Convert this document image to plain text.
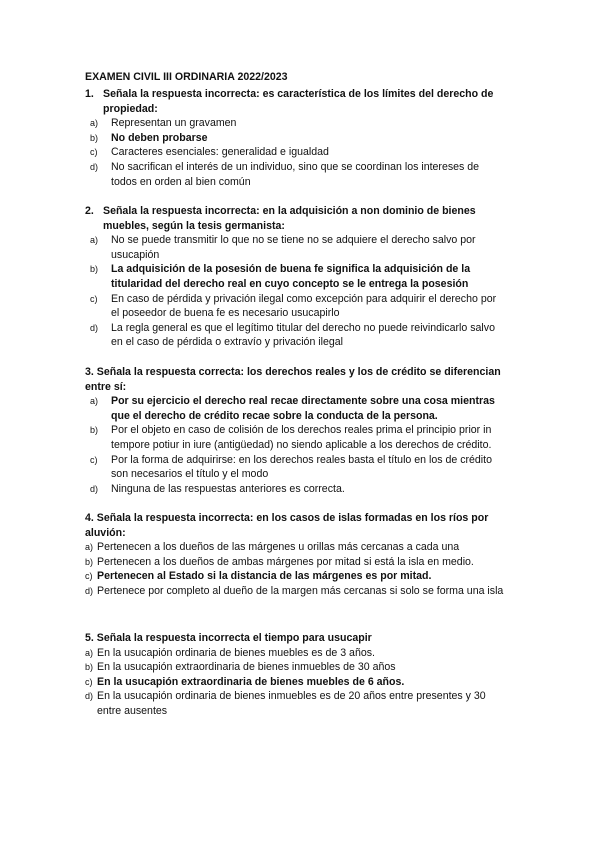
EXAMEN CIVIL III ORDINARIA 2022/2023
1. Señala la respuesta incorrecta: es característica de los límites del derecho de propiedad:
a)	Representan un gravamen
b)	No deben probarse
c)	Caracteres esenciales: generalidad e igualdad
d)	No sacrifican el interés de un individuo, sino que se coordinan los intereses de todos en orden al bien común
2. Señala la respuesta incorrecta: en la adquisición a non dominio de bienes muebles, según la tesis germanista:
a)	No se puede transmitir lo que no se tiene no se adquiere el derecho salvo por usucapión
b)	La adquisición de la posesión de buena fe significa la adquisición de la titularidad del derecho real en cuyo concepto se le entrega la posesión
c)	En caso de pérdida y privación ilegal como excepción para adquirir el derecho por el poseedor de buena fe es necesario usucapirlo
d)	La regla general es que el legítimo titular del derecho no puede reivindicarlo salvo en el caso de pérdida o extravío y privación ilegal
3. Señala la respuesta correcta: los derechos reales y los de crédito se diferencian entre sí:
a)	Por su ejercicio el derecho real recae directamente sobre una cosa mientras que el derecho de crédito recae sobre la conducta de la persona.
b)	Por el objeto en caso de colisión de los derechos reales prima el principio prior in tempore potiur in iure (antigüedad) no siendo aplicable a los derechos de crédito.
c)	Por la forma de adquirirse: en los derechos reales basta el título en los de crédito son necesarios el título y el modo
d)	Ninguna de las respuestas anteriores es correcta.
4. Señala la respuesta incorrecta: en los casos de islas formadas en los ríos por aluvión:
a) Pertenecen a los dueños de las márgenes u orillas más cercanas a cada una
b) Pertenecen a los dueños de ambas márgenes por mitad si está la isla en medio.
c) Pertenecen al Estado si la distancia de las márgenes es por mitad.
d) Pertenece por completo al dueño de la margen más cercanas si solo se forma una isla
5. Señala la respuesta incorrecta el tiempo para usucapir
a) En la usucapión ordinaria de bienes muebles es de 3 años.
b) En la usucapión extraordinaria de bienes inmuebles de 30 años
c) En la usucapión extraordinaria de bienes muebles de 6 años.
d) En la usucapión ordinaria de bienes inmuebles es de 20 años entre presentes y 30 entre ausentes
